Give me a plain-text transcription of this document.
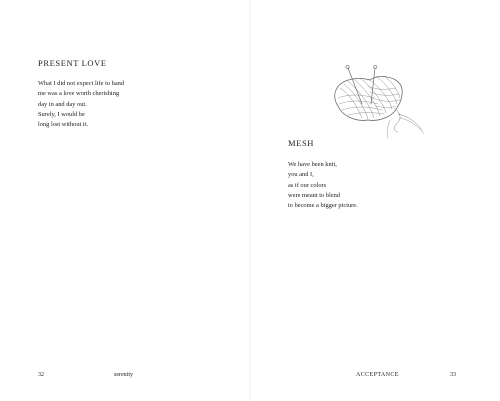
PRESENT LOVE
What I did not expect life to hand
me was a love worth cherishing
day in and day out.
Surely, I would be
long lost without it.
32	serenity
MESH
We have been knit,
you and I,
as if our colors
were meant to blend
to become a bigger picture.
ACCEPTANCE	33
